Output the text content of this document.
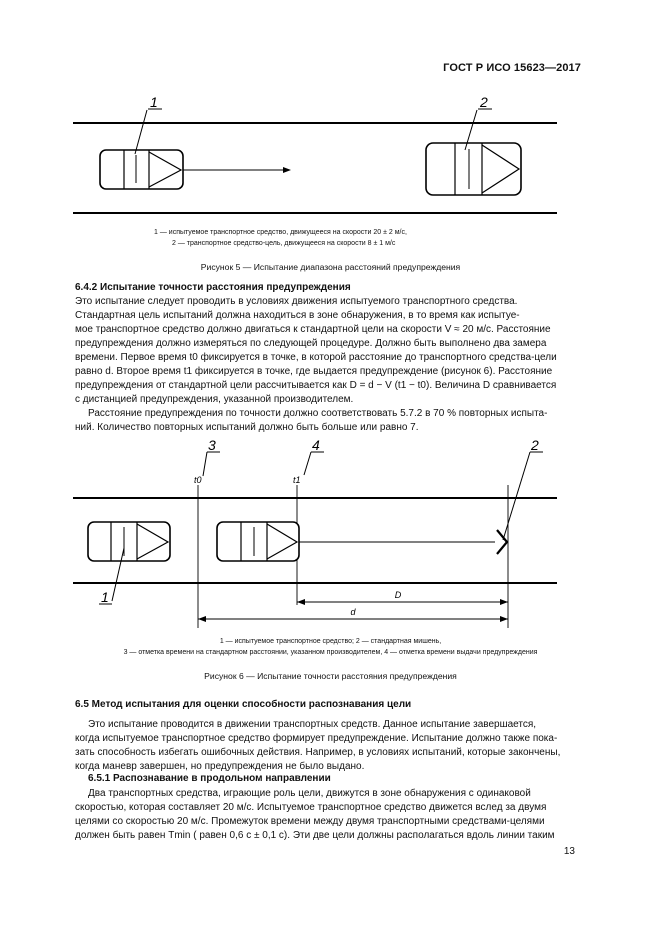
ГОСТ Р ИСО 15623—2017
1	2
1 — испытуемое транспортное средство, движущееся на скорости 20 ± 2 м/с,
2 — транспортное средство-цель, движущееся на скорости 8 ± 1 м/с
Рисунок 5 — Испытание диапазона расстояний предупреждения
6.4.2 Испытание точности расстояния предупреждения
Это испытание следует проводить в условиях движения испытуемого транспортного средства.
Стандартная цель испытаний должна находиться в зоне обнаружения, в то время как испытуе-
мое транспортное средство должно двигаться к стандартной цели на скорости V ≈ 20 м/с. Расстояние
предупреждения должно измеряться по следующей процедуре. Должно быть выполнено два замера
времени. Первое время t0 фиксируется в точке, в которой расстояние до транспортного средства-цели
равно d. Второе время t1 фиксируется в точке, где выдается предупреждение (рисунок 6). Расстояние
предупреждения от стандартной цели рассчитывается как D = d − V (t1 − t0). Величина D сравнивается
с дистанцией предупреждения, указанной производителем.
Расстояние предупреждения по точности должно соответствовать 5.7.2 в 70 % повторных испыта-
ний. Количество повторных испытаний должно быть больше или равно 7.
D
d
t0	t1
3	4	2
1
1 — испытуемое транспортное средство; 2 — стандартная мишень,
3 — отметка времени на стандартном расстоянии, указанном производителем, 4 — отметка времени выдачи предупреждения
Рисунок 6 — Испытание точности расстояния предупреждения
6.5 Метод испытания для оценки способности распознавания цели
Это испытание проводится в движении транспортных средств. Данное испытание завершается,
когда испытуемое транспортное средство формирует предупреждение. Испытание должно также пока-
зать способность избегать ошибочных действия. Например, в условиях испытаний, которые закончены,
когда маневр завершен, но предупреждения не было выдано.
6.5.1 Распознавание в продольном направлении
Два транспортных средства, играющие роль цели, движутся в зоне обнаружения с одинаковой
скоростью, которая составляет 20 м/с. Испытуемое транспортное средство движется вслед за двумя
целями со скоростью 20 м/с. Промежуток времени между двумя транспортными средствами-целями
должен быть равен Tmin ( равен 0,6 с ± 0,1 с). Эти две цели должны располагаться вдоль линии таким
13
